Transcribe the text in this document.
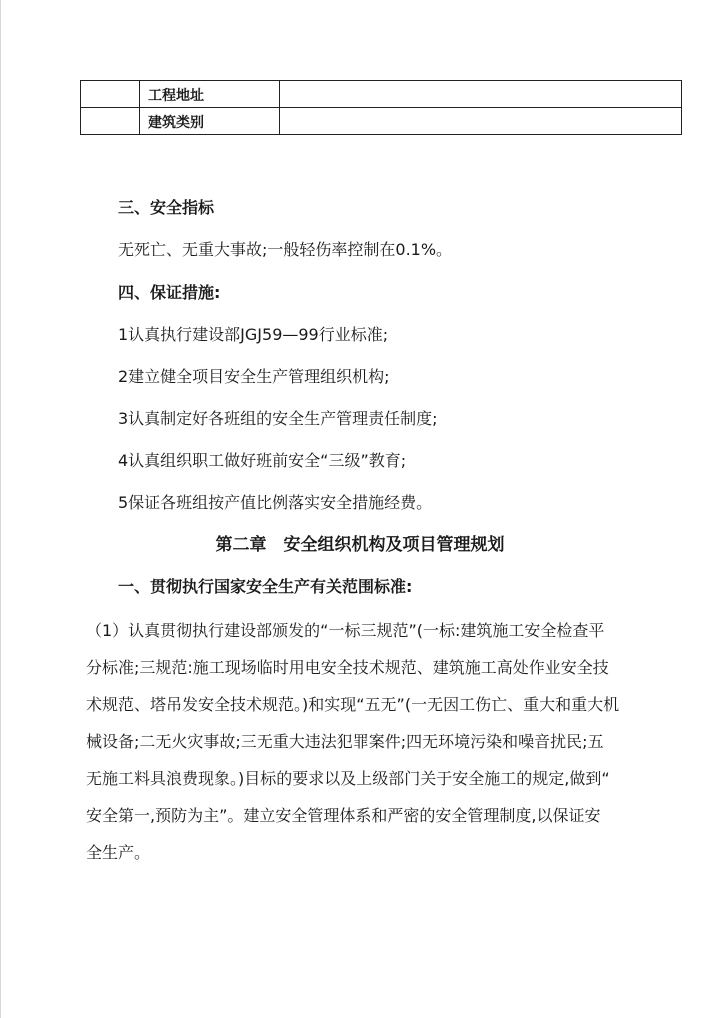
	工程地址	
	建筑类别	
三、安全指标
无死亡、无重大事故;一般轻伤率控制在0.1%。
四、保证措施:
1认真执行建设部JGJ59—99行业标准;
2建立健全项目安全生产管理组织机构;
3认真制定好各班组的安全生产管理责任制度;
4认真组织职工做好班前安全“三级”教育;
5保证各班组按产值比例落实安全措施经费。
第二章　安全组织机构及项目管理规划
一、贯彻执行国家安全生产有关范围标准:
（1）认真贯彻执行建设部颁发的“一标三规范”(一标:建筑施工安全检查平
分标准;三规范:施工现场临时用电安全技术规范、建筑施工高处作业安全技
术规范、塔吊发安全技术规范。)和实现“五无”(一无因工伤亡、重大和重大机
械设备;二无火灾事故;三无重大违法犯罪案件;四无环境污染和噪音扰民;五
无施工料具浪费现象。)目标的要求以及上级部门关于安全施工的规定,做到“
安全第一,预防为主”。建立安全管理体系和严密的安全管理制度,以保证安
全生产。
